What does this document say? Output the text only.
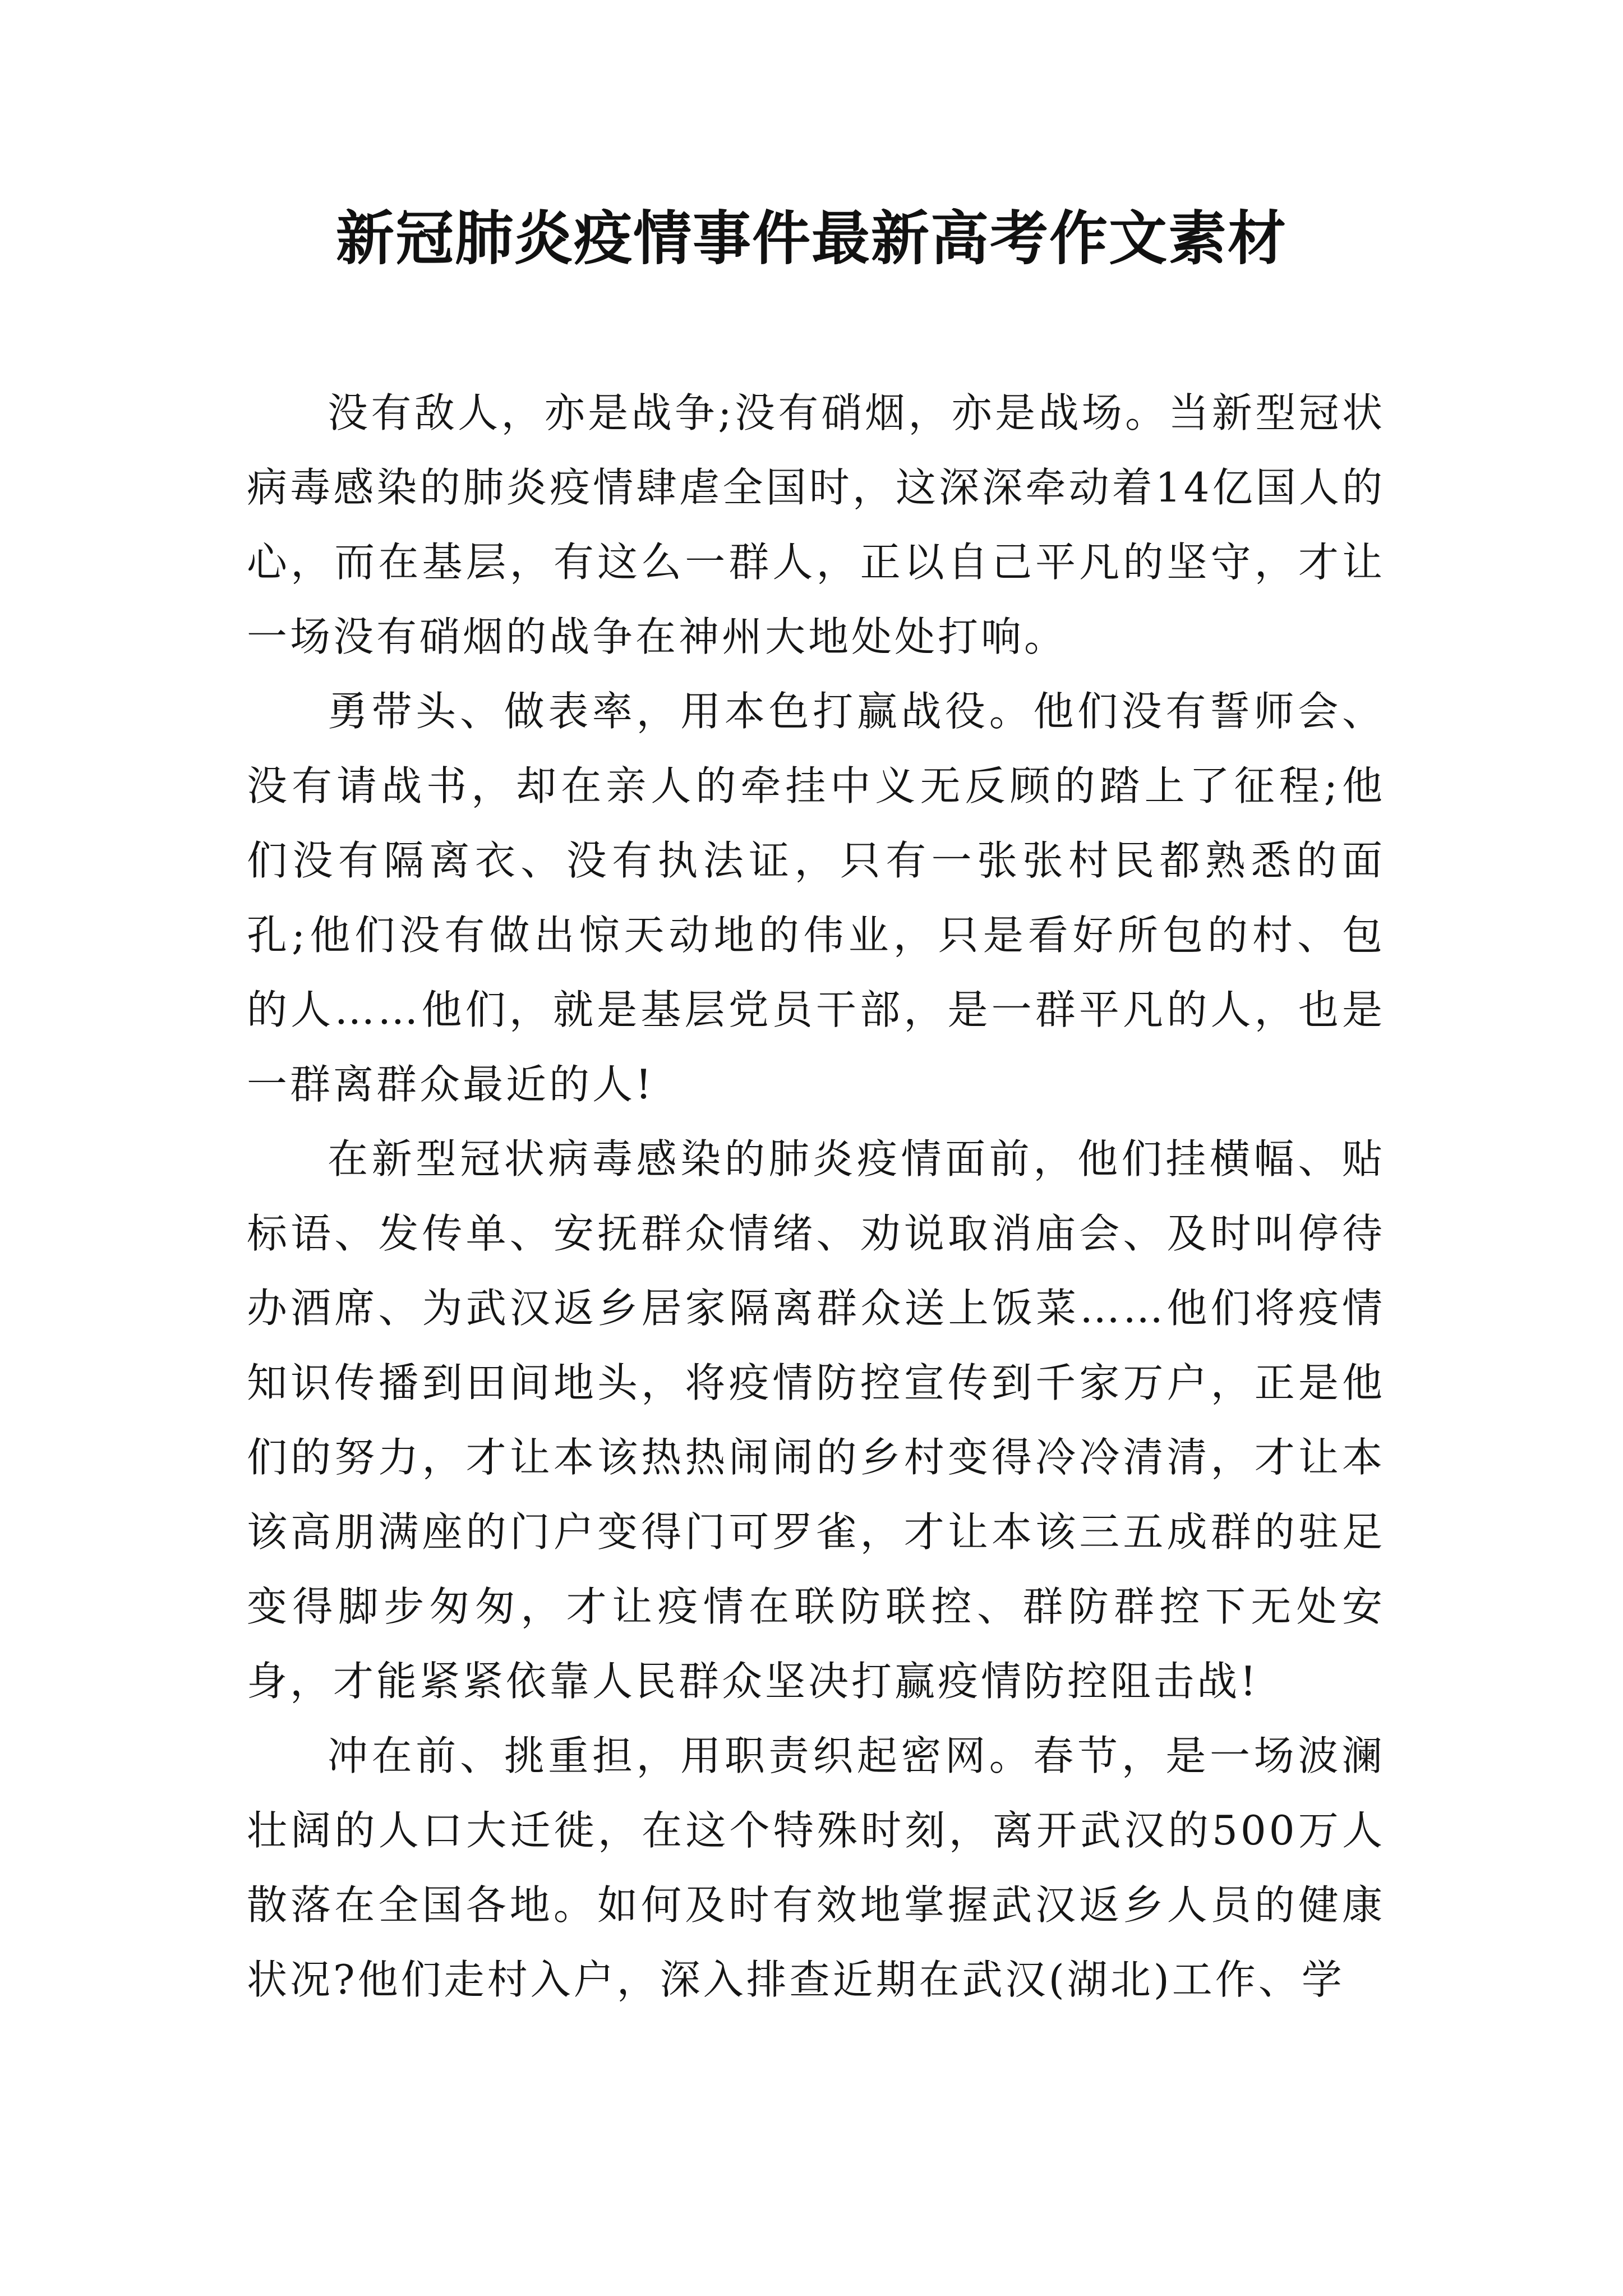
新冠肺炎疫情事件最新高考作文素材

没有敌人，亦是战争;没有硝烟，亦是战场。当新型冠状病毒感染的肺炎疫情肆虐全国时，这深深牵动着14亿国人的心，而在基层，有这么一群人，正以自己平凡的坚守，才让一场没有硝烟的战争在神州大地处处打响。

勇带头、做表率，用本色打赢战役。他们没有誓师会、没有请战书，却在亲人的牵挂中义无反顾的踏上了征程;他们没有隔离衣、没有执法证，只有一张张村民都熟悉的面孔;他们没有做出惊天动地的伟业，只是看好所包的村、包的人……他们，就是基层党员干部，是一群平凡的人，也是一群离群众最近的人!

在新型冠状病毒感染的肺炎疫情面前，他们挂横幅、贴标语、发传单、安抚群众情绪、劝说取消庙会、及时叫停待办酒席、为武汉返乡居家隔离群众送上饭菜……他们将疫情知识传播到田间地头，将疫情防控宣传到千家万户，正是他们的努力，才让本该热热闹闹的乡村变得冷冷清清，才让本该高朋满座的门户变得门可罗雀，才让本该三五成群的驻足变得脚步匆匆，才让疫情在联防联控、群防群控下无处安身，才能紧紧依靠人民群众坚决打赢疫情防控阻击战!

冲在前、挑重担，用职责织起密网。春节，是一场波澜壮阔的人口大迁徙，在这个特殊时刻，离开武汉的500万人散落在全国各地。如何及时有效地掌握武汉返乡人员的健康状况?他们走村入户，深入排查近期在武汉(湖北)工作、学
